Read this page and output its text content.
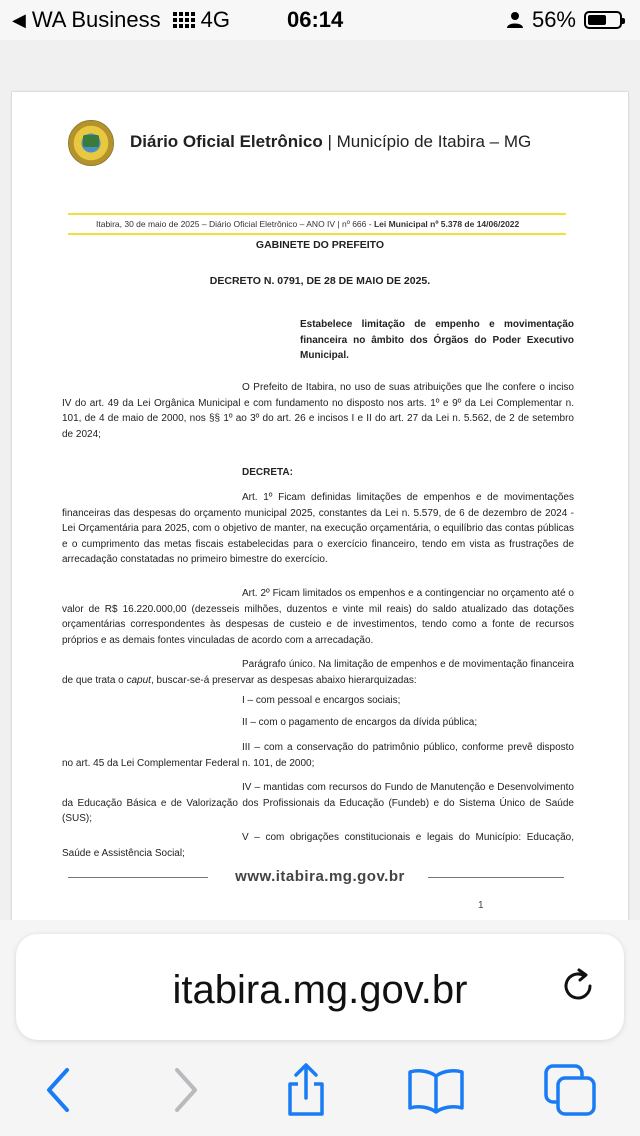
◀ WA Business 4G	06:14	56%
Diário Oficial Eletrônico | Município de Itabira – MG
Itabira, 30 de maio de 2025 – Diário Oficial Eletrônico – ANO IV | nº 666 - Lei Municipal nº 5.378 de 14/06/2022
GABINETE DO PREFEITO
DECRETO N. 0791, DE 28 DE MAIO DE 2025.

Estabelece limitação de empenho e movimentação financeira no âmbito dos Órgãos do Poder Executivo Municipal.

O Prefeito de Itabira, no uso de suas atribuições que lhe confere o inciso IV do art. 49 da Lei Orgânica Municipal e com fundamento no disposto nos arts. 1º e 9º da Lei Complementar n. 101, de 4 de maio de 2000, nos §§ 1º ao 3º do art. 26 e incisos I e II do art. 27 da Lei n. 5.562, de 2 de setembro de 2024;

DECRETA:

Art. 1º Ficam definidas limitações de empenhos e de movimentações financeiras das despesas do orçamento municipal 2025, constantes da Lei n. 5.579, de 6 de dezembro de 2024 - Lei Orçamentária para 2025, com o objetivo de manter, na execução orçamentária, o equilíbrio das contas públicas e o cumprimento das metas fiscais estabelecidas para o exercício financeiro, tendo em vista as frustrações de arrecadação constatadas no primeiro bimestre do exercício.

Art. 2º Ficam limitados os empenhos e a contingenciar no orçamento até o valor de R$ 16.220.000,00 (dezesseis milhões, duzentos e vinte mil reais) do saldo atualizado das dotações orçamentárias correspondentes às despesas de custeio e de investimentos, tendo como a fonte de recursos próprios e as demais fontes vinculadas de acordo com a arrecadação.

Parágrafo único. Na limitação de empenhos e de movimentação financeira de que trata o caput, buscar-se-á preservar as despesas abaixo hierarquizadas:

I – com pessoal e encargos sociais;
II – com o pagamento de encargos da dívida pública;

III – com a conservação do patrimônio público, conforme prevê disposto no art. 45 da Lei Complementar Federal n. 101, de 2000;

IV – mantidas com recursos do Fundo de Manutenção e Desenvolvimento da Educação Básica e de Valorização dos Profissionais da Educação (Fundeb) e do Sistema Único de Saúde (SUS);

www.itabira.mg.gov.br
1

V – com obrigações constitucionais e legais do Município: Educação, Saúde e Assistência Social;

itabira.mg.gov.br
